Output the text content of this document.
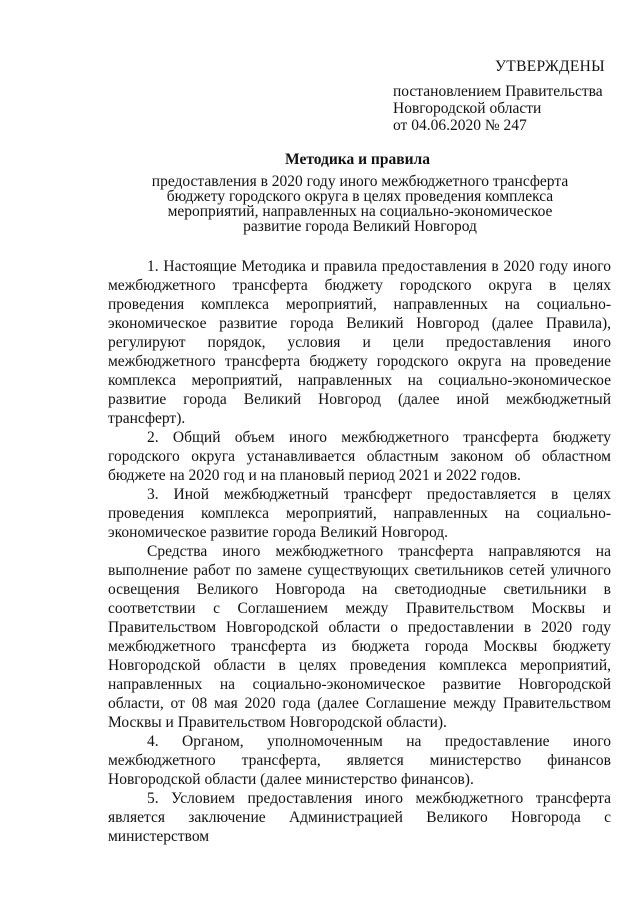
УТВЕРЖДЕНЫ
постановлением Правительства
Новгородской области
от 04.06.2020 № 247
Методика и правила
предоставления в 2020 году иного межбюджетного трансферта бюджету городского округа в целях проведения комплекса мероприятий, направленных на социально-экономическое развитие города Великий Новгород

1. Настоящие Методика и правила предоставления в 2020 году иного межбюджетного трансферта бюджету городского округа в целях проведения комплекса мероприятий, направленных на социально-экономическое развитие города Великий Новгород (далее Правила), регулируют порядок, условия и цели предоставления иного межбюджетного трансферта бюджету городского округа на проведение комплекса мероприятий, направленных на социально-экономическое развитие города Великий Новгород (далее иной межбюджетный трансферт).

2. Общий объем иного межбюджетного трансферта бюджету городского округа устанавливается областным законом об областном бюджете на 2020 год и на плановый период 2021 и 2022 годов.

3. Иной межбюджетный трансферт предоставляется в целях проведения комплекса мероприятий, направленных на социально-экономическое развитие города Великий Новгород.

Средства иного межбюджетного трансферта направляются на выполнение работ по замене существующих светильников сетей уличного освещения Великого Новгорода на светодиодные светильники в соответствии с Соглашением между Правительством Москвы и Правительством Новгородской области о предоставлении в 2020 году межбюджетного трансферта из бюджета города Москвы бюджету Новгородской области в целях проведения комплекса мероприятий, направленных на социально-экономическое развитие Новгородской области, от 08 мая 2020 года (далее Соглашение между Правительством Москвы и Правительством Новгородской области).

4. Органом, уполномоченным на предоставление иного межбюджетного трансферта, является министерство финансов Новгородской области (далее министерство финансов).

5. Условием предоставления иного межбюджетного трансферта является заключение Администрацией Великого Новгорода с министерством
